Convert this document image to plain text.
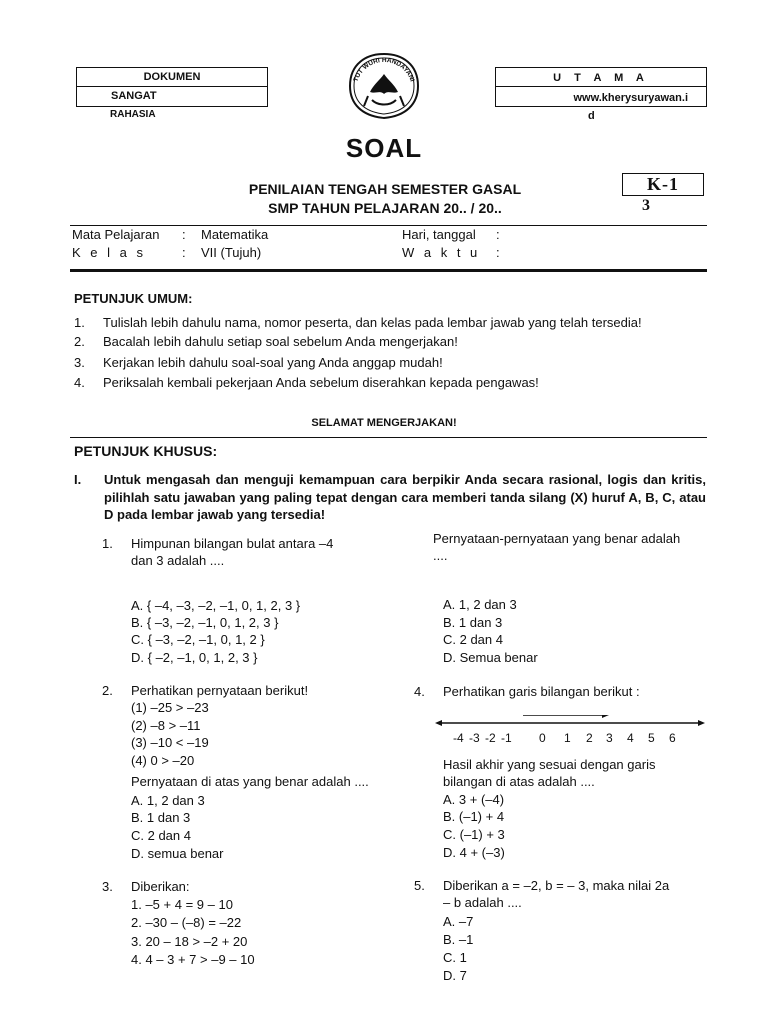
DOKUMEN
SANGAT
RAHASIA
U T A M A
www.kherysuryawan.i
d
TUT WURI HANDAYANI
SOAL
PENILAIAN TENGAH SEMESTER GASAL
SMP TAHUN PELAJARAN 20.. / 20..
K-1
3
Mata Pelajaran : Matematika	Hari, tanggal :
K e l a s	: VII (Tujuh)	W a k t u :
PETUNJUK UMUM:
1. Tulislah lebih dahulu nama, nomor peserta, dan kelas pada lembar jawab yang telah tersedia!
2. Bacalah lebih dahulu setiap soal sebelum Anda mengerjakan!
3. Kerjakan lebih dahulu soal-soal yang Anda anggap mudah!
4. Periksalah kembali pekerjaan Anda sebelum diserahkan kepada pengawas!
SELAMAT MENGERJAKAN!
PETUNJUK KHUSUS:
I. Untuk mengasah dan menguji kemampuan cara berpikir Anda secara rasional, logis dan kritis, pilihlah satu jawaban yang paling tepat dengan cara memberi tanda silang (X) huruf A, B, C, atau D pada lembar jawab yang tersedia!
1. Himpunan bilangan bulat antara –4
dan 3 adalah ....
A. { –4, –3, –2, –1, 0, 1, 2, 3 }
B. { –3, –2, –1, 0, 1, 2, 3 }
C. { –3, –2, –1, 0, 1, 2 }
D. { –2, –1, 0, 1, 2, 3 }
Pernyataan-pernyataan yang benar adalah
....
A. 1, 2 dan 3
B. 1 dan 3
C. 2 dan 4
D. Semua benar
2. Perhatikan pernyataan berikut!
(1) –25 > –23
(2) –8 > –11
(3) –10 < –19
(4) 0 > –20
Pernyataan di atas yang benar adalah ....
A. 1, 2 dan 3
B. 1 dan 3
C. 2 dan 4
D. semua benar
4. Perhatikan garis bilangan berikut :
-4 -3 -2 -1 0 1 2 3 4 5 6
Hasil akhir yang sesuai dengan garis
bilangan di atas adalah ....
A. 3 + (–4)
B. (–1) + 4
C. (–1) + 3
D. 4 + (–3)
3. Diberikan:
1. –5 + 4 = 9 – 10
2. –30 – (–8) = –22
3. 20 – 18 > –2 + 20
4. 4 – 3 + 7 > –9 – 10
5. Diberikan a = –2, b = – 3, maka nilai 2a
– b adalah ....
A. –7
B. –1
C. 1
D. 7
